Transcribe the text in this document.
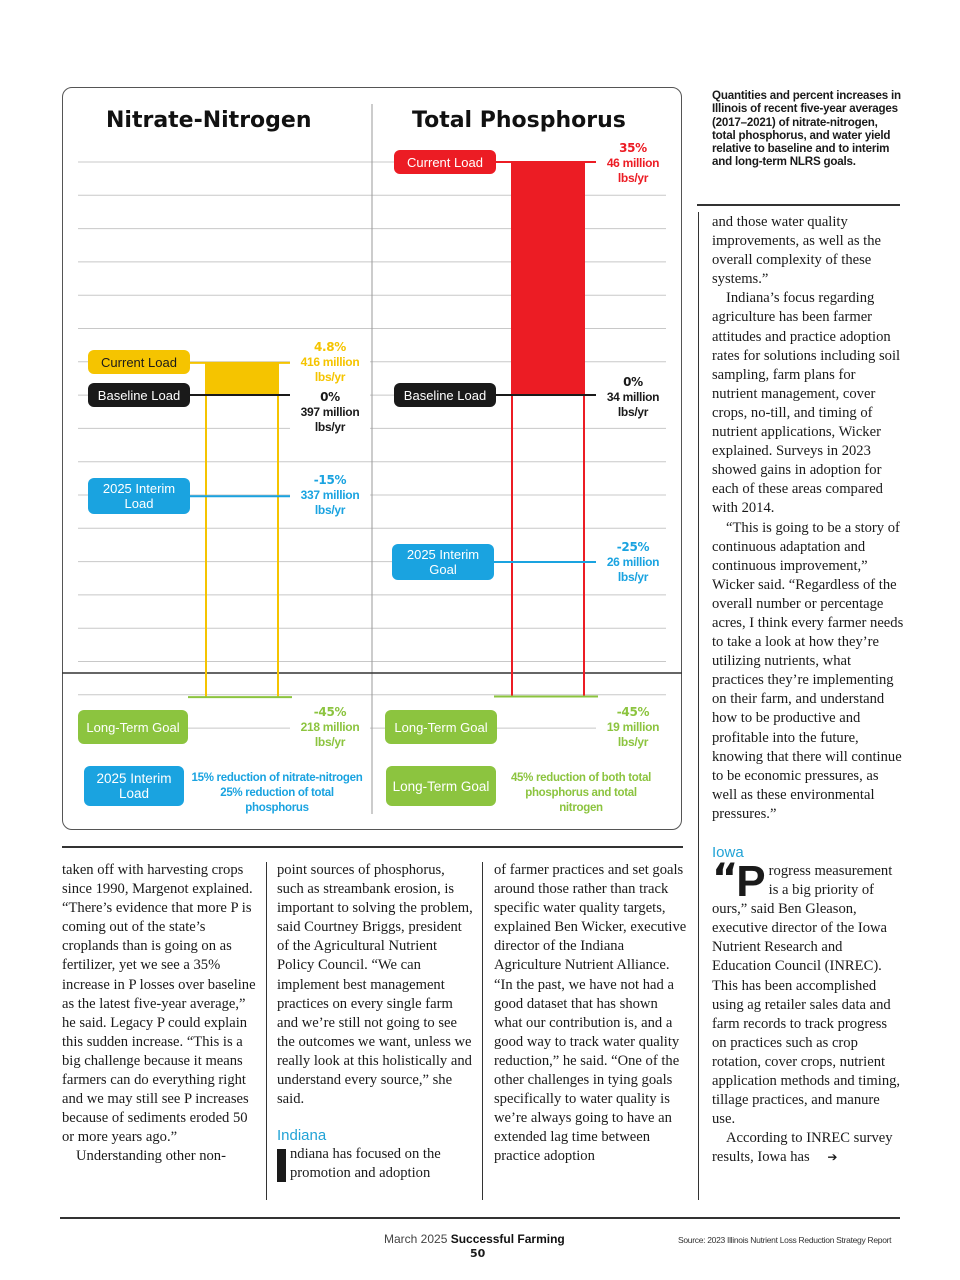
Nitrate-Nitrogen	Total Phosphorus
Current Load
Baseline Load
2025 Interim Load
Long-Term Goal
Current Load
Baseline Load
2025 Interim Goal
Long-Term Goal
4.8%
416 million lbs/yr
0%
397 million lbs/yr
-15%
337 million lbs/yr
-45%
218 million lbs/yr
35%
46 million lbs/yr
0%
34 million lbs/yr
-25%
26 million lbs/yr
-45%
19 million lbs/yr
2025 Interim Load
15% reduction of nitrate-nitrogen 25% reduction of total phosphorus
Long-Term Goal
45% reduction of both total phosphorus and total nitrogen
Quantities and percent increases in Illinois of recent five-year averages (2017–2021) of nitrate-nitrogen, total phosphorus, and water yield relative to baseline and to interim and long-term NLRS goals.

taken off with harvesting crops since 1990, Margenot explained. “There’s evidence that more P is coming out of the state’s croplands than is going on as fertilizer, yet we see a 35% increase in P losses over baseline as the latest five-year average,” he said. Legacy P could explain this sudden increase. “This is a big challenge because it means farmers can do everything right and we may still see P increases because of sediments eroded 50 or more years ago.”

Understanding other non-

point sources of phosphorus, such as streambank erosion, is important to solving the problem, said Courtney Briggs, president of the Agricultural Nutrient Policy Council. “We can implement best management practices on every single farm and we’re still not going to see the outcomes we want, unless we really look at this holistically and understand every source,” she said.

Indiana

ndiana has focused on the promotion and adoption

of farmer practices and set goals around those rather than track specific water quality targets, explained Ben Wicker, executive director of the Indiana Agriculture Nutrient Alliance. “In the past, we have not had a good dataset that has shown what our contribution is, and a good way to track water quality reduction,” he said. “One of the other challenges in tying goals specifically to water quality is we’re always going to have an extended lag time between practice adoption

and those water quality improvements, as well as the overall complexity of these systems.”

Indiana’s focus regarding agriculture has been farmer attitudes and practice adoption rates for solutions including soil sampling, farm plans for nutrient management, cover crops, no-till, and timing of nutrient applications, Wicker explained. Surveys in 2023 showed gains in adoption for each of these areas compared with 2014.

“This is going to be a story of continuous adaptation and continuous improvement,” Wicker said. “Regardless of the overall number or percentage acres, I think every farmer needs to take a look at how they’re utilizing nutrients, what practices they’re implementing on their farm, and understand how to be productive and profitable into the future, knowing that there will continue to be economic pressures, as well as these environmental pressures.”

Iowa

“ P rogress measurement is a big priority of ours,” said Ben Gleason, executive director of the Iowa Nutrient Research and Education Council (INREC). This has been accomplished using ag retailer sales data and farm records to track progress on practices such as crop rotation, cover crops, nutrient application methods and timing, tillage practices, and manure use.

According to INREC survey results, Iowa has ➔

March 2025 Successful Farming
50
Source: 2023 Illinois Nutrient Loss Reduction Strategy Report
